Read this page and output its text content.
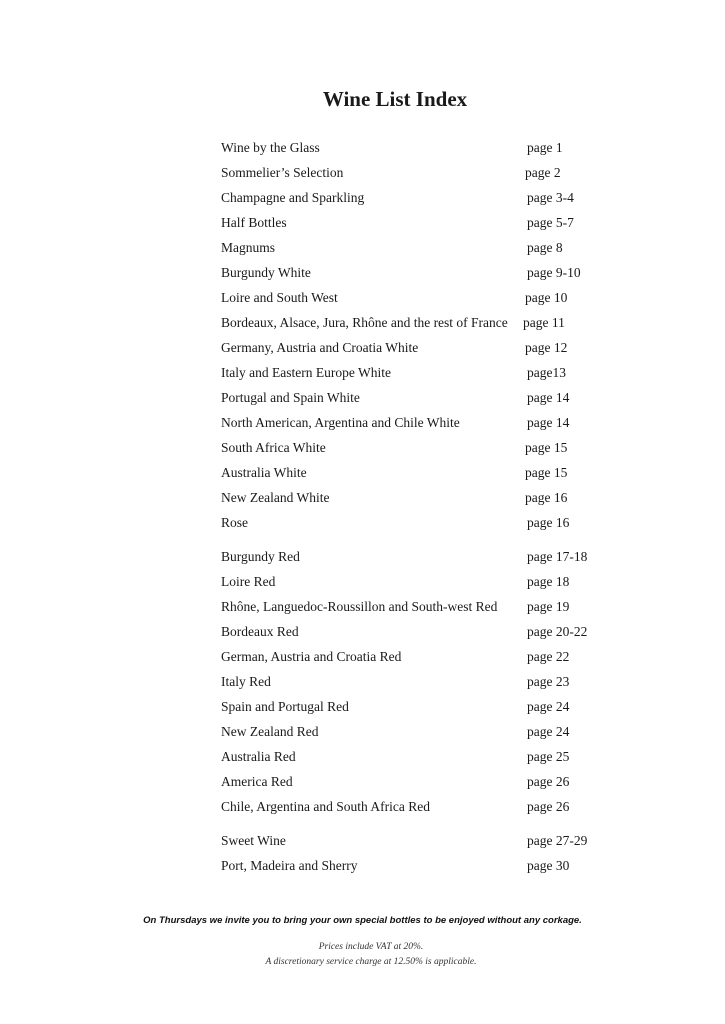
Wine List Index
Wine by the Glass	page 1
Sommelier’s Selection	page 2
Champagne and Sparkling	page 3-4
Half Bottles	page 5-7
Magnums	page 8
Burgundy White	page 9-10
Loire and South West	page 10
Bordeaux, Alsace, Jura, Rhône and the rest of France page 11
Germany, Austria and Croatia White	page 12
Italy and Eastern Europe White	page13
Portugal and Spain White	page 14
North American, Argentina and Chile White	page 14
South Africa White	page 15
Australia White	page 15
New Zealand White	page 16
Rose	page 16
Burgundy Red	page 17-18
Loire Red	page 18
Rhône, Languedoc-Roussillon and South-west Red page 19
Bordeaux Red	page 20-22
German, Austria and Croatia Red	page 22
Italy Red	page 23
Spain and Portugal Red	page 24
New Zealand Red	page 24
Australia Red	page 25
America Red	page 26
Chile, Argentina and South Africa Red	page 26
Sweet Wine	page 27-29
Port, Madeira and Sherry	page 30
On Thursdays we invite you to bring your own special bottles to be enjoyed without any corkage.
Prices include VAT at 20%.
A discretionary service charge at 12.50% is applicable.
